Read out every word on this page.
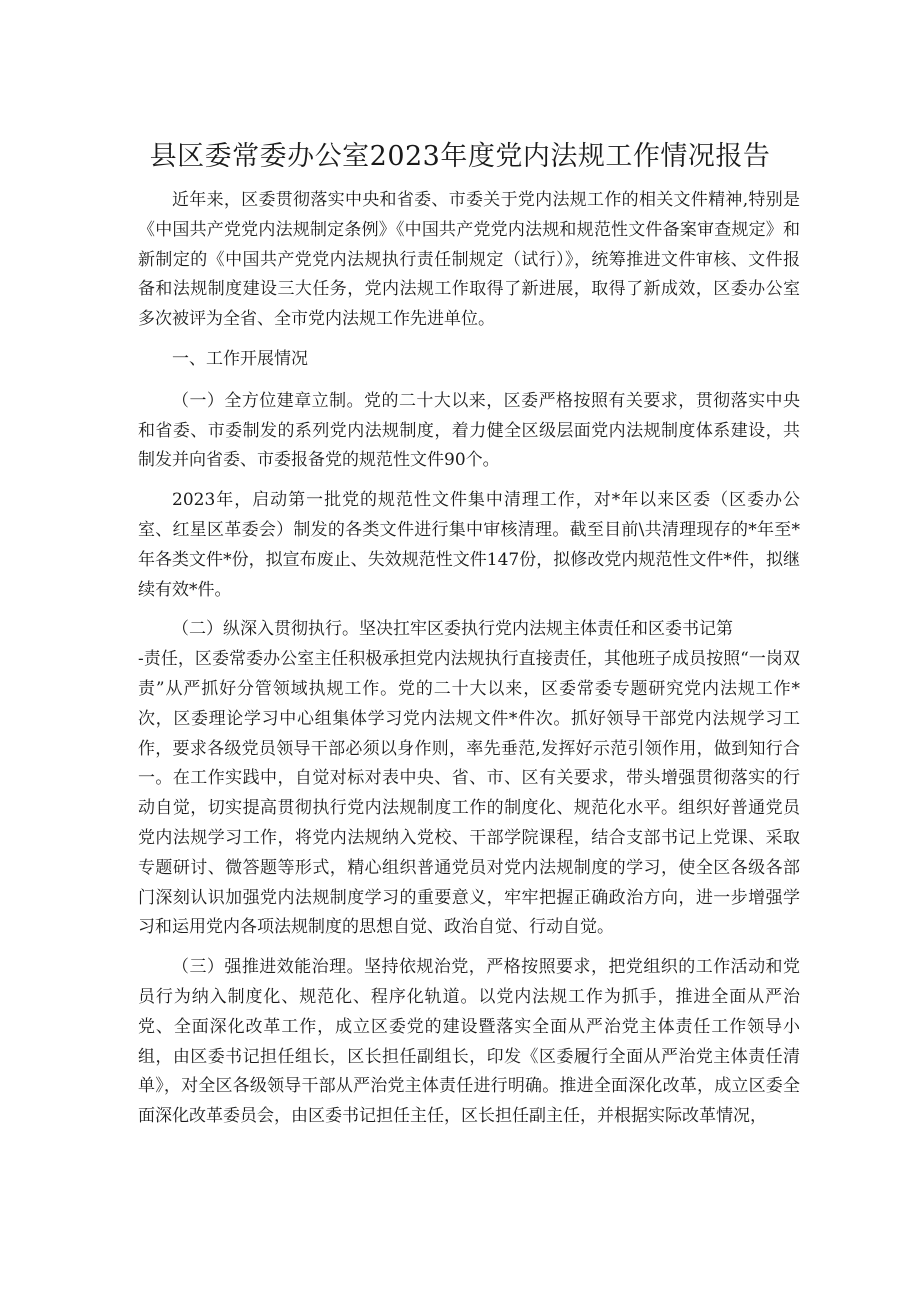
县区委常委办公室2023年度党内法规工作情况报告

近年来，区委贯彻落实中央和省委、市委关于党内法规工作的相关文件精神,特别是《中国共产党党内法规制定条例》《中国共产党党内法规和规范性文件备案审查规定》和新制定的《中国共产党党内法规执行责任制规定（试行）》，统筹推进文件审核、文件报备和法规制度建设三大任务，党内法规工作取得了新进展，取得了新成效，区委办公室多次被评为全省、全市党内法规工作先进单位。

一、工作开展情况

（一）全方位建章立制。党的二十大以来，区委严格按照有关要求，贯彻落实中央和省委、市委制发的系列党内法规制度，着力健全区级层面党内法规制度体系建设，共制发并向省委、市委报备党的规范性文件90个。

2023年，启动第一批党的规范性文件集中清理工作，对*年以来区委（区委办公室、红星区革委会）制发的各类文件进行集中审核清理。截至目前\共清理现存的*年至*年各类文件*份，拟宣布废止、失效规范性文件147份，拟修改党内规范性文件*件，拟继续有效*件。

（二）纵深入贯彻执行。坚决扛牢区委执行党内法规主体责任和区委书记第
-责任，区委常委办公室主任积极承担党内法规执行直接责任，其他班子成员按照“一岗双责”从严抓好分管领域执规工作。党的二十大以来，区委常委专题研究党内法规工作*次，区委理论学习中心组集体学习党内法规文件*件次。抓好领导干部党内法规学习工作，要求各级党员领导干部必须以身作则，率先垂范,发挥好示范引领作用，做到知行合一。在工作实践中，自觉对标对表中央、省、市、区有关要求，带头增强贯彻落实的行动自觉，切实提高贯彻执行党内法规制度工作的制度化、规范化水平。组织好普通党员党内法规学习工作，将党内法规纳入党校、干部学院课程，结合支部书记上党课、采取专题研讨、微答题等形式，精心组织普通党员对党内法规制度的学习，使全区各级各部门深刻认识加强党内法规制度学习的重要意义，牢牢把握正确政治方向，进一步增强学习和运用党内各项法规制度的思想自觉、政治自觉、行动自觉。

（三）强推进效能治理。坚持依规治党，严格按照要求，把党组织的工作活动和党员行为纳入制度化、规范化、程序化轨道。以党内法规工作为抓手，推进全面从严治党、全面深化改革工作，成立区委党的建设暨落实全面从严治党主体责任工作领导小组，由区委书记担任组长，区长担任副组长，印发《区委履行全面从严治党主体责任清单》，对全区各级领导干部从严治党主体责任进行明确。推进全面深化改革，成立区委全面深化改革委员会，由区委书记担任主任，区长担任副主任，并根据实际改革情况，
